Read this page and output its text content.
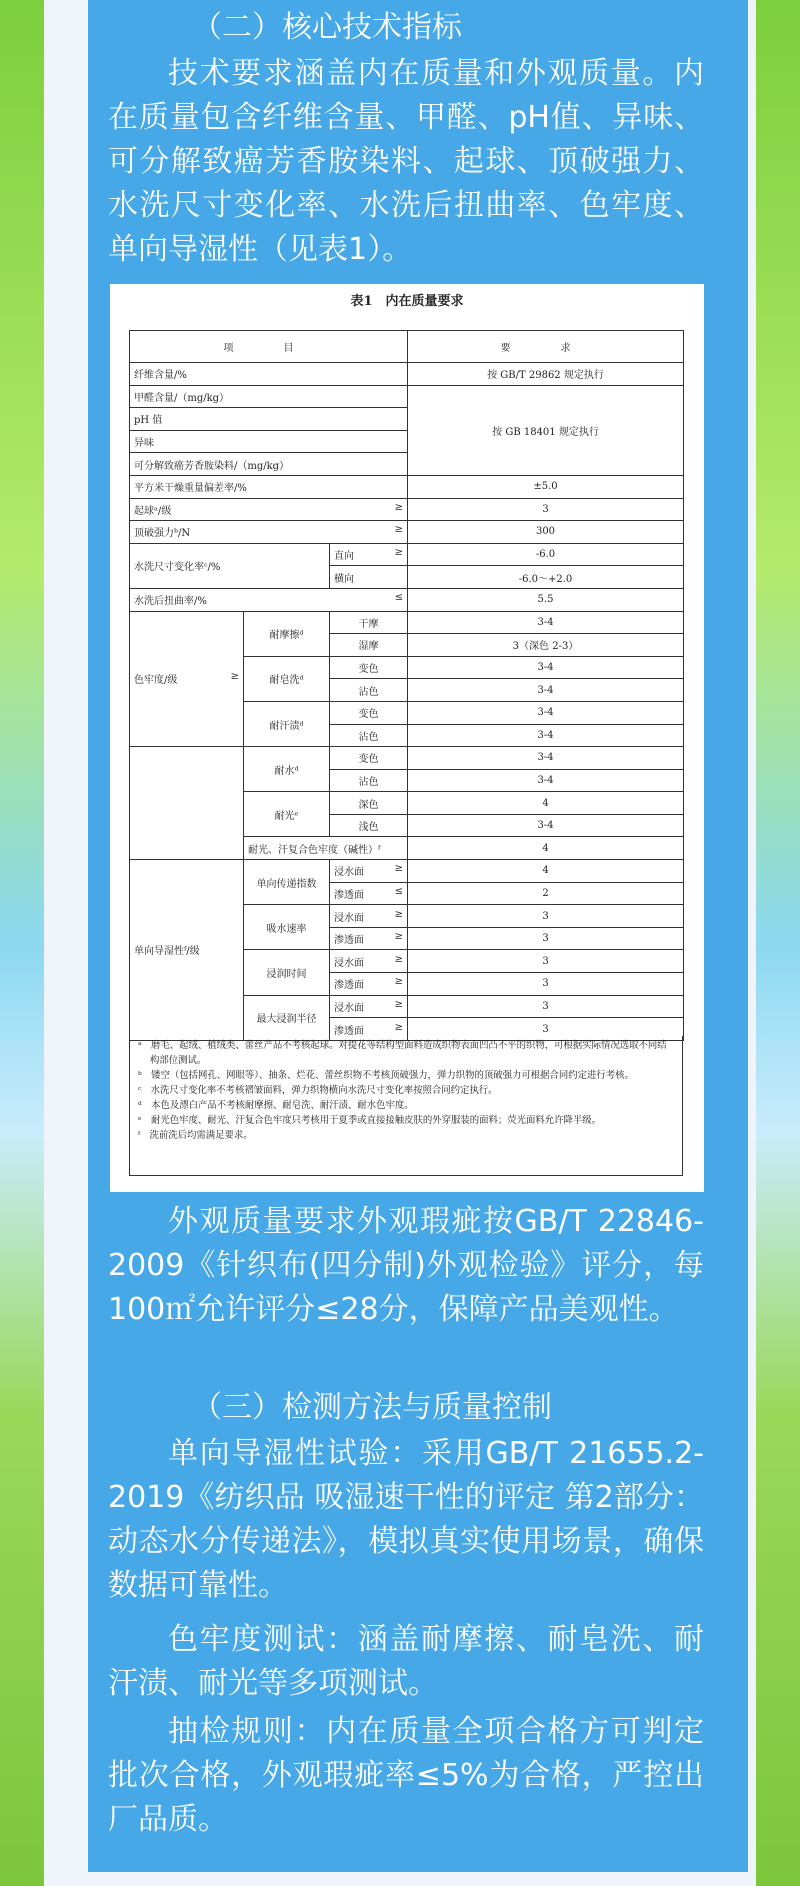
（二）核心技术指标
技术要求涵盖内在质量和外观质量。内在质量包含纤维含量、甲醛、pH值、异味、可分解致癌芳香胺染料、起球、顶破强力、水洗尺寸变化率、水洗后扭曲率、色牢度、单向导湿性（见表1）。
表1　内在质量要求
项　目			要　求
纤维含量/%			按 GB/T 29862 规定执行
甲醛含量/（mg/kg）			按 GB 18401 规定执行
pH 值			
异味			
可分解致癌芳香胺染料/（mg/kg）			
平方米干燥重量偏差率/%			±5.0
起球ᵃ/级 ≥			3
顶破强力ᵇ/N ≥			300
水洗尺寸变化率ᶜ/%		直向 ≥	-6.0
		横向	-6.0～+2.0
水洗后扭曲率/% ≤			5.5
色牢度/级 ≥	耐摩擦ᵈ	干摩	3-4
		湿摩	3（深色 2-3）
	耐皂洗ᵈ	变色	3-4
		沾色	3-4
	耐汗渍ᵈ	变色	3-4
		沾色	3-4
	耐水ᵈ	变色	3-4
		沾色	3-4
	耐光ᵉ	深色	4
		浅色	3-4
	耐光、汗复合色牢度（碱性）ᶠ		4
单向导湿性ᶠ/级	单向传递指数	浸水面 ≥	4
		渗透面 ≤	2
	吸水速率	浸水面 ≥	3
		渗透面 ≥	3
	浸润时间	浸水面 ≥	3
		渗透面 ≥	3
	最大浸润半径	浸水面 ≥	3
		渗透面 ≥	3
ᵃ　磨毛、起绒、植绒类、蕾丝产品不考核起球。对提花等结构型面料造成织物表面凹凸不平的织物，可根据实际情况选取不同结构部位测试。
ᵇ　镂空（包括网孔、网眼等）、抽条、烂花、蕾丝织物不考核顶破强力，弹力织物的顶破强力可根据合同约定进行考核。
ᶜ　水洗尺寸变化率不考核褶皱面料，弹力织物横向水洗尺寸变化率按照合同约定执行。
ᵈ　本色及漂白产品不考核耐摩擦、耐皂洗、耐汗渍、耐水色牢度。
ᵉ　耐光色牢度、耐光、汗复合色牢度只考核用于夏季或直接接触皮肤的外穿服装的面料；荧光面料允许降半级。
ᶠ　洗前洗后均需满足要求。
外观质量要求外观瑕疵按GB/T 22846-2009《针织布(四分制)外观检验》评分，每100㎡允许评分≤28分，保障产品美观性。
（三）检测方法与质量控制
单向导湿性试验：采用GB/T 21655.2-2019《纺织品 吸湿速干性的评定 第2部分：动态水分传递法》，模拟真实使用场景，确保数据可靠性。
色牢度测试：涵盖耐摩擦、耐皂洗、耐汗渍、耐光等多项测试。
抽检规则：内在质量全项合格方可判定批次合格，外观瑕疵率≤5%为合格，严控出厂品质。
